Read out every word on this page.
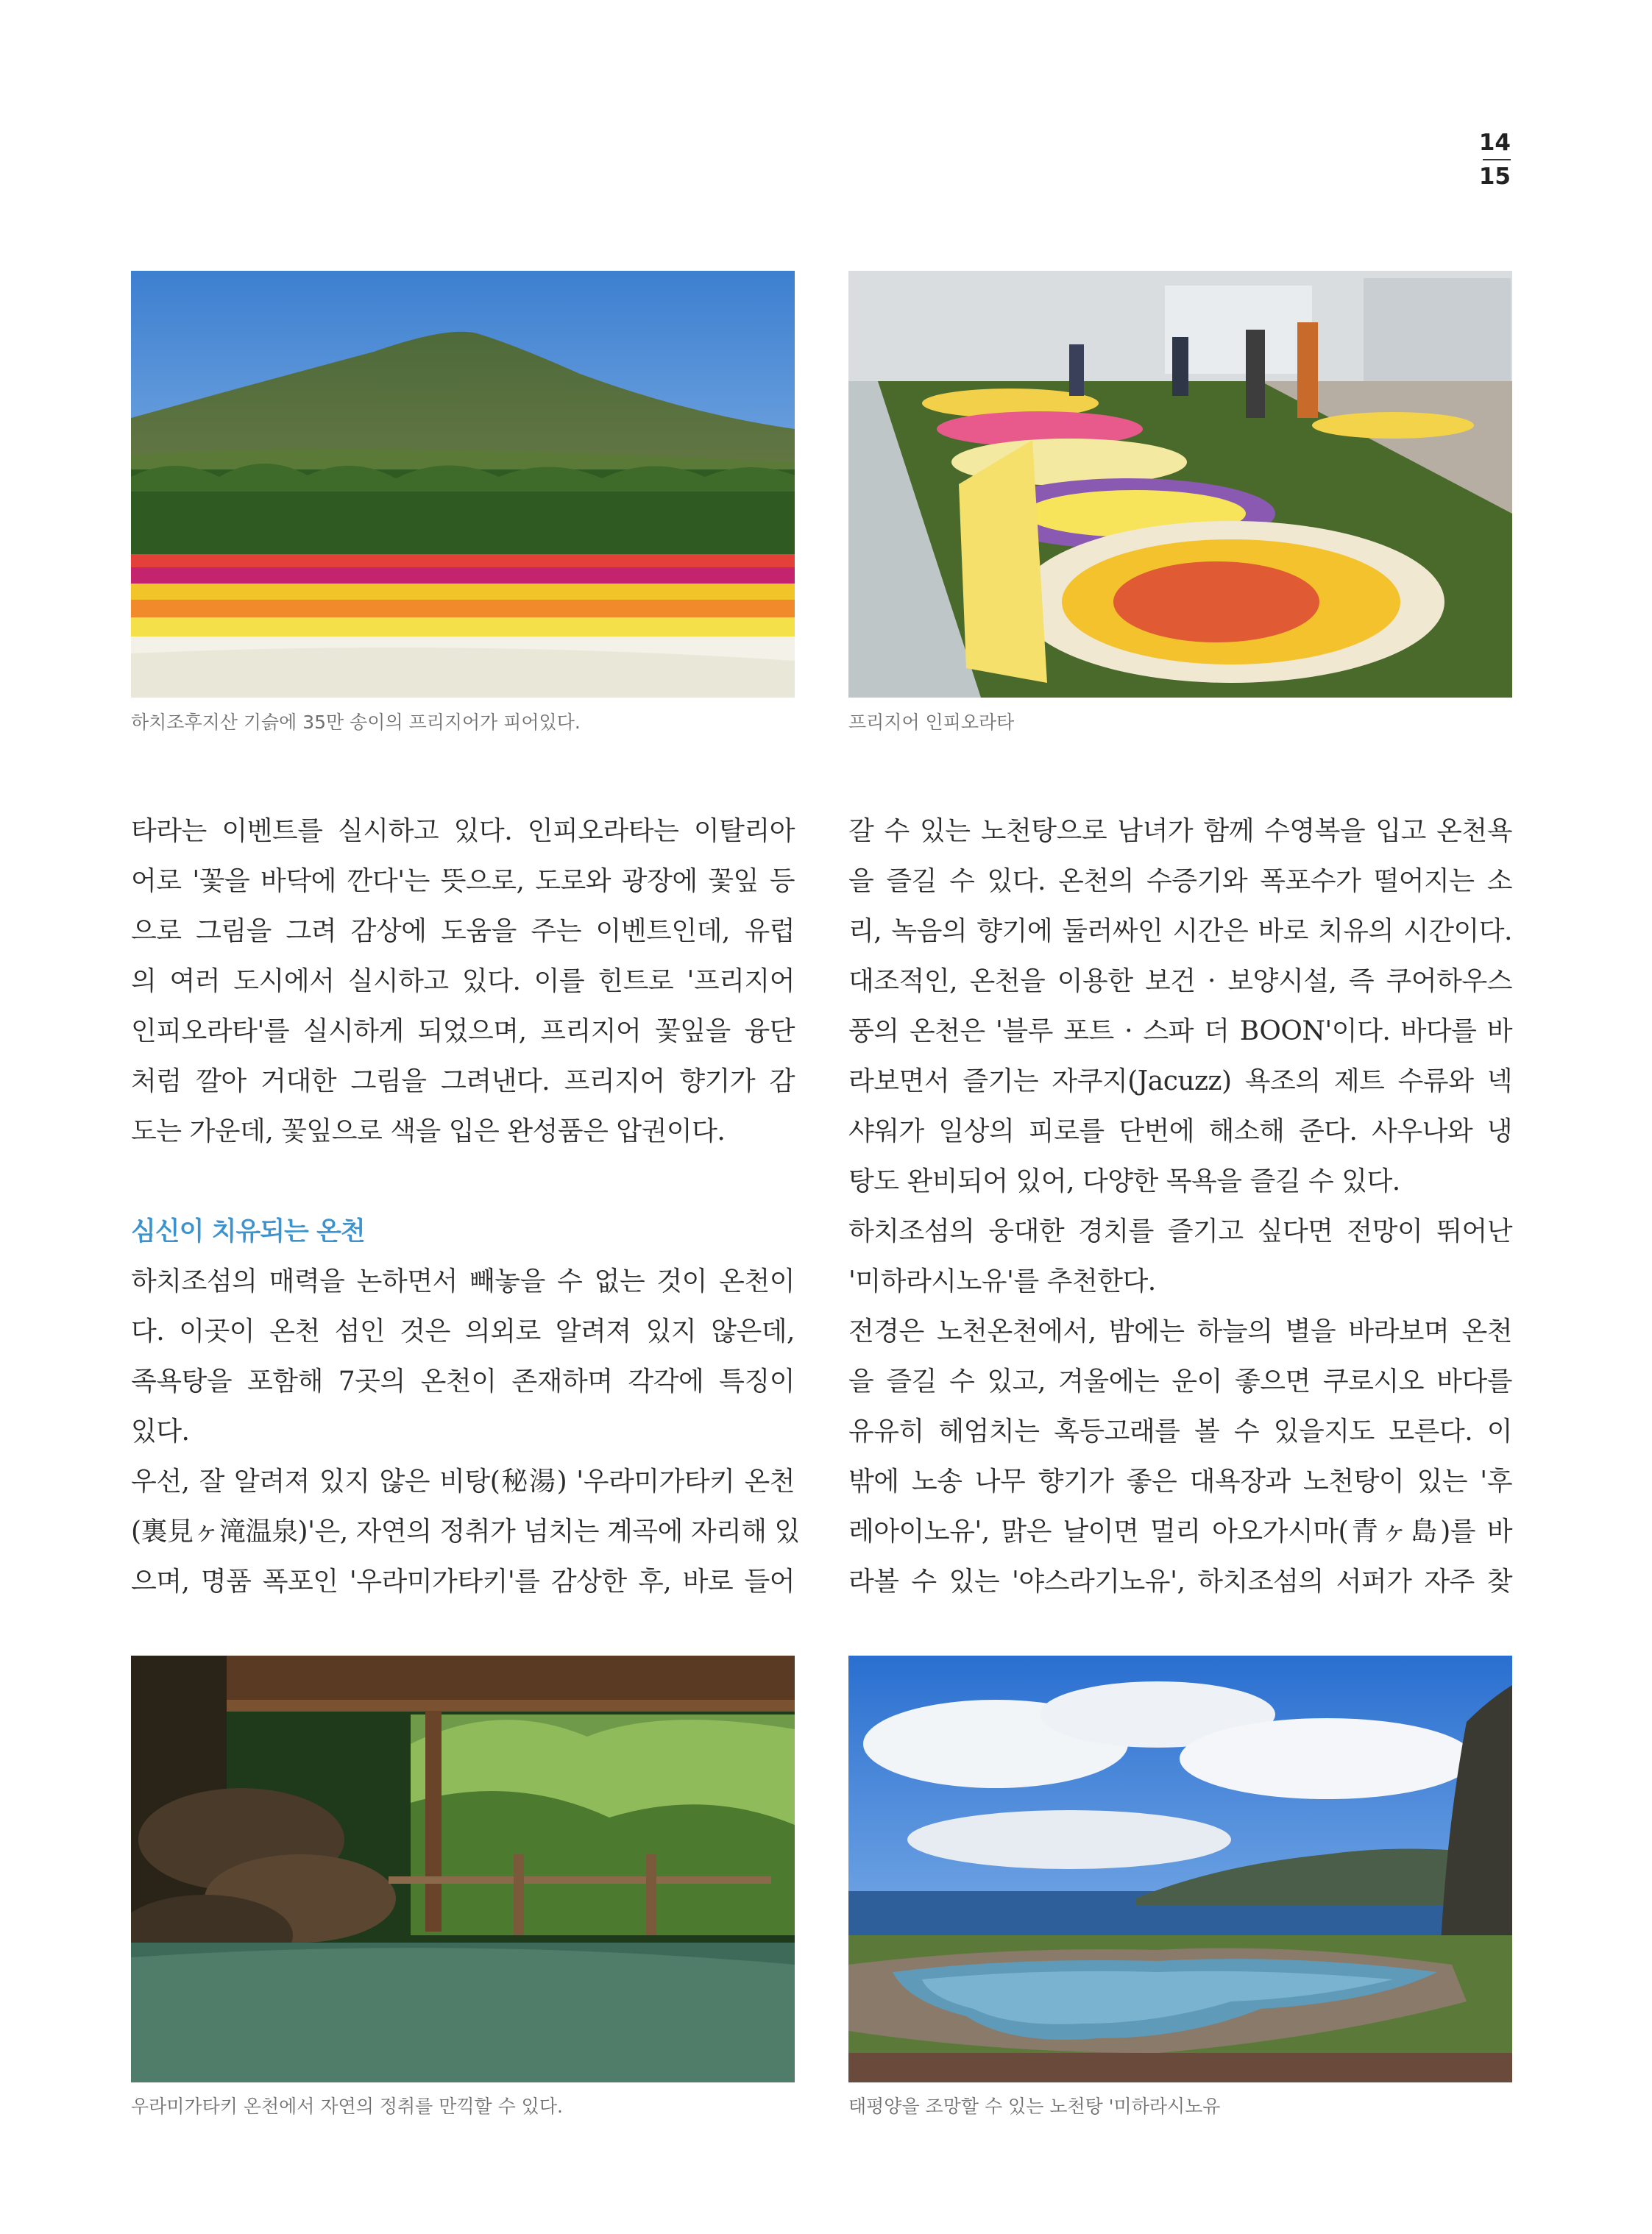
14
15
하치조후지산 기슭에 35만 송이의 프리지어가 피어있다.	프리지어 인피오라타
타라는 이벤트를 실시하고 있다. 인피오라타는 이탈리아
어로 '꽃을 바닥에 깐다'는 뜻으로, 도로와 광장에 꽃잎 등
으로 그림을 그려 감상에 도움을 주는 이벤트인데, 유럽
의 여러 도시에서 실시하고 있다. 이를 힌트로 '프리지어
인피오라타'를 실시하게 되었으며, 프리지어 꽃잎을 융단
처럼 깔아 거대한 그림을 그려낸다. 프리지어 향기가 감
도는 가운데, 꽃잎으로 색을 입은 완성품은 압권이다.
심신이 치유되는 온천
하치조섬의 매력을 논하면서 빼놓을 수 없는 것이 온천이
다. 이곳이 온천 섬인 것은 의외로 알려져 있지 않은데,
족욕탕을 포함해 7곳의 온천이 존재하며 각각에 특징이
있다.
우선, 잘 알려져 있지 않은 비탕(秘湯) '우라미가타키 온천
(裏見ヶ滝温泉)'은, 자연의 정취가 넘치는 계곡에 자리해 있
으며, 명품 폭포인 '우라미가타키'를 감상한 후, 바로 들어
갈 수 있는 노천탕으로 남녀가 함께 수영복을 입고 온천욕
을 즐길 수 있다. 온천의 수증기와 폭포수가 떨어지는 소
리, 녹음의 향기에 둘러싸인 시간은 바로 치유의 시간이다.
대조적인, 온천을 이용한 보건 · 보양시설, 즉 쿠어하우스
풍의 온천은 '블루 포트 · 스파 더 BOON'이다. 바다를 바
라보면서 즐기는 자쿠지(Jacuzz) 욕조의 제트 수류와 넥
샤워가 일상의 피로를 단번에 해소해 준다. 사우나와 냉
탕도 완비되어 있어, 다양한 목욕을 즐길 수 있다.
하치조섬의 웅대한 경치를 즐기고 싶다면 전망이 뛰어난
'미하라시노유'를 추천한다.
전경은 노천온천에서, 밤에는 하늘의 별을 바라보며 온천
을 즐길 수 있고, 겨울에는 운이 좋으면 쿠로시오 바다를
유유히 헤엄치는 혹등고래를 볼 수 있을지도 모른다. 이
밖에 노송 나무 향기가 좋은 대욕장과 노천탕이 있는 '후
레아이노유', 맑은 날이면 멀리 아오가시마(青ヶ島)를 바
라볼 수 있는 '야스라기노유', 하치조섬의 서퍼가 자주 찾
우라미가타키 온천에서 자연의 정취를 만끽할 수 있다.	태평양을 조망할 수 있는 노천탕 '미하라시노유
